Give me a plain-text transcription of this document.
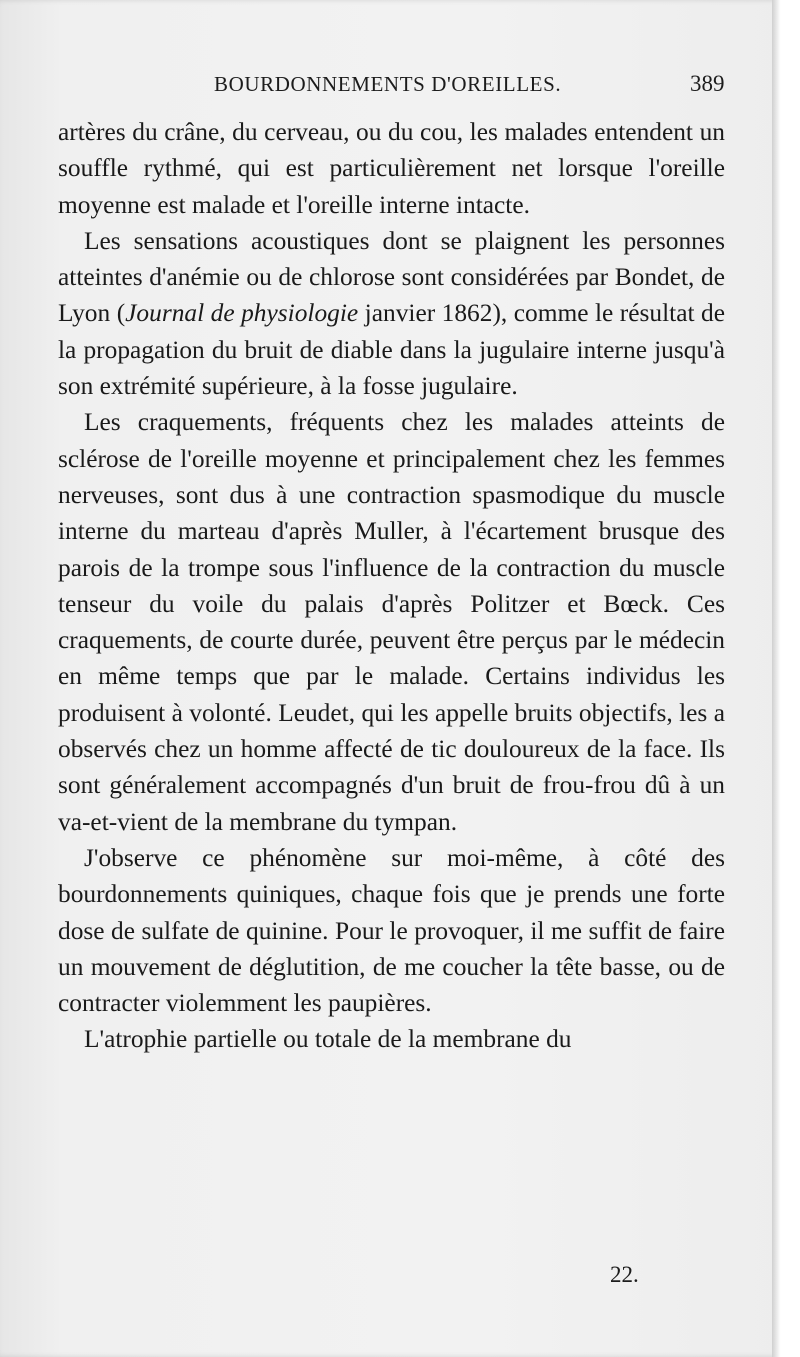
BOURDONNEMENTS D'OREILLES.	389

artères du crâne, du cerveau, ou du cou, les malades entendent un souffle rythmé, qui est particulièrement net lorsque l'oreille moyenne est malade et l'oreille interne intacte.

Les sensations acoustiques dont se plaignent les personnes atteintes d'anémie ou de chlorose sont considérées par Bondet, de Lyon (Journal de physiologie janvier 1862), comme le résultat de la propagation du bruit de diable dans la jugulaire interne jusqu'à son extrémité supérieure, à la fosse jugulaire.

Les craquements, fréquents chez les malades atteints de sclérose de l'oreille moyenne et principalement chez les femmes nerveuses, sont dus à une contraction spasmodique du muscle interne du marteau d'après Muller, à l'écartement brusque des parois de la trompe sous l'influence de la contraction du muscle tenseur du voile du palais d'après Politzer et Bœck. Ces craquements, de courte durée, peuvent être perçus par le médecin en même temps que par le malade. Certains individus les produisent à volonté. Leudet, qui les appelle bruits objectifs, les a observés chez un homme affecté de tic douloureux de la face. Ils sont généralement accompagnés d'un bruit de frou-frou dû à un va-et-vient de la membrane du tympan.

J'observe ce phénomène sur moi-même, à côté des bourdonnements quiniques, chaque fois que je prends une forte dose de sulfate de quinine. Pour le provoquer, il me suffit de faire un mouvement de déglutition, de me coucher la tête basse, ou de contracter violemment les paupières.

L'atrophie partielle ou totale de la membrane du

22.
